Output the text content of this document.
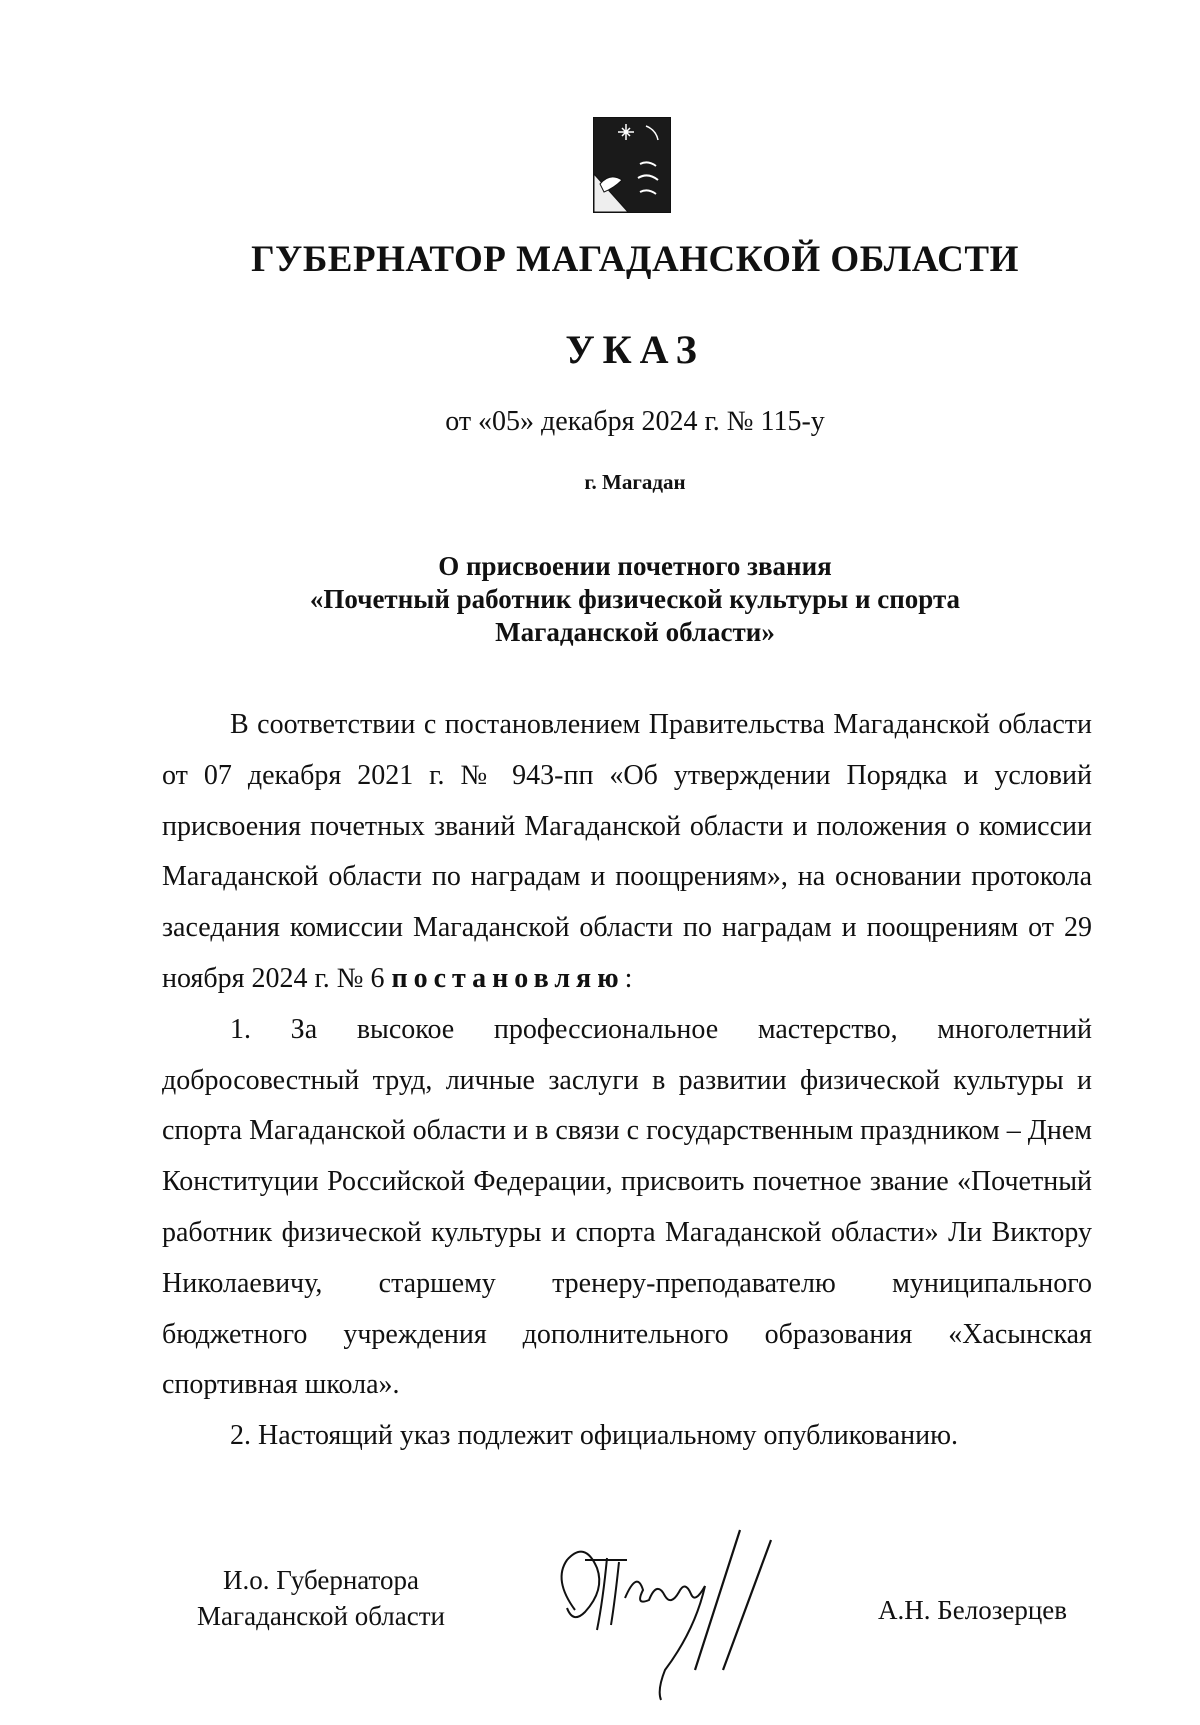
ГУБЕРНАТОР МАГАДАНСКОЙ ОБЛАСТИ
УКАЗ
от «05» декабря 2024 г. № 115-у
г. Магадан
О присвоении почетного звания
«Почетный работник физической культуры и спорта
Магаданской области»

В соответствии с постановлением Правительства Магаданской области от 07 декабря 2021 г. № 943-пп «Об утверждении Порядка и условий присвоения почетных званий Магаданской области и положения о комиссии Магаданской области по наградам и поощрениям», на основании протокола заседания комиссии Магаданской области по наградам и поощрениям от 29 ноября 2024 г. № 6 постановляю:

1. За высокое профессиональное мастерство, многолетний добросовестный труд, личные заслуги в развитии физической культуры и спорта Магаданской области и в связи с государственным праздником – Днем Конституции Российской Федерации, присвоить почетное звание «Почетный работник физической культуры и спорта Магаданской области» Ли Виктору Николаевичу, старшему тренеру-преподавателю муниципального бюджетного учреждения дополнительного образования «Хасынская спортивная школа».

2. Настоящий указ подлежит официальному опубликованию.

И.о. Губернатора
Магаданской области	А.Н. Белозерцев
